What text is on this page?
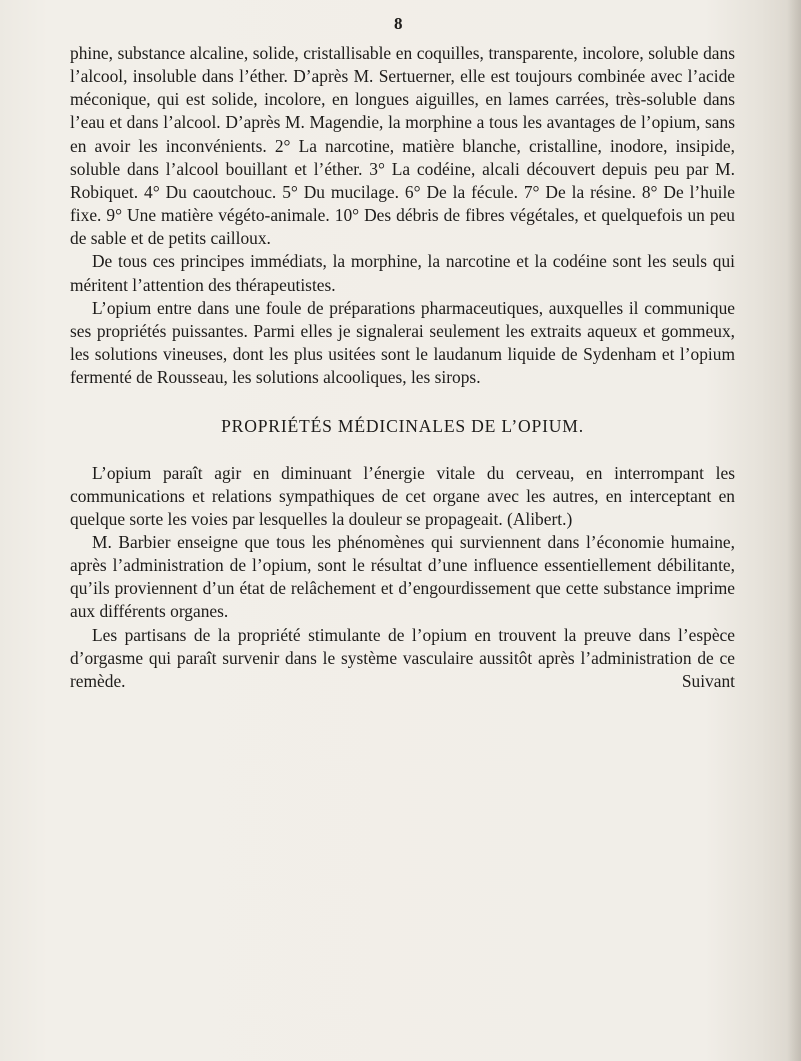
8

phine, substance alcaline, solide, cristallisable en coquilles, transparente, incolore, soluble dans l’alcool, insoluble dans l’éther. D’après M. Sertuerner, elle est toujours combinée avec l’acide méconique, qui est solide, incolore, en longues aiguilles, en lames carrées, très-soluble dans l’eau et dans l’alcool. D’après M. Magendie, la morphine a tous les avantages de l’opium, sans en avoir les inconvénients. 2° La narcotine, matière blanche, cristalline, inodore, insipide, soluble dans l’alcool bouillant et l’éther. 3° La codéine, alcali découvert depuis peu par M. Robiquet. 4° Du caoutchouc. 5° Du mucilage. 6° De la fécule. 7° De la résine. 8° De l’huile fixe. 9° Une matière végéto-animale. 10° Des débris de fibres végétales, et quelquefois un peu de sable et de petits cailloux.

De tous ces principes immédiats, la morphine, la narcotine et la codéine sont les seuls qui méritent l’attention des thérapeutistes.

L’opium entre dans une foule de préparations pharmaceutiques, auxquelles il communique ses propriétés puissantes. Parmi elles je signalerai seulement les extraits aqueux et gommeux, les solutions vineuses, dont les plus usitées sont le laudanum liquide de Sydenham et l’opium fermenté de Rousseau, les solutions alcooliques, les sirops.

PROPRIÉTÉS MÉDICINALES DE L’OPIUM.

L’opium paraît agir en diminuant l’énergie vitale du cerveau, en interrompant les communications et relations sympathiques de cet organe avec les autres, en interceptant en quelque sorte les voies par lesquelles la douleur se propageait. (Alibert.)

M. Barbier enseigne que tous les phénomènes qui surviennent dans l’économie humaine, après l’administration de l’opium, sont le résultat d’une influence essentiellement débilitante, qu’ils proviennent d’un état de relâchement et d’engourdissement que cette substance imprime aux différents organes.

Les partisans de la propriété stimulante de l’opium en trouvent la preuve dans l’espèce d’orgasme qui paraît survenir dans le système vasculaire aussitôt après l’administration de ce remède. Suivant
